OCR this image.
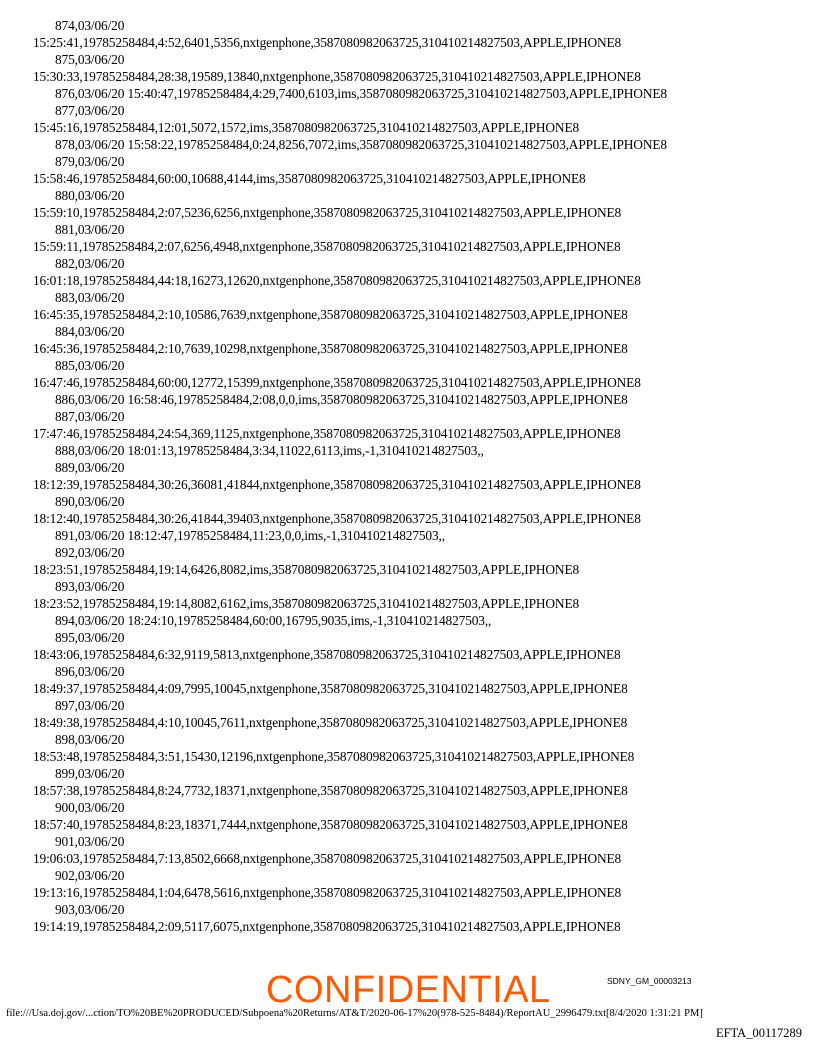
874,03/06/20
15:25:41,19785258484,4:52,6401,5356,nxtgenphone,3587080982063725,310410214827503,APPLE,IPHONE8
875,03/06/20
15:30:33,19785258484,28:38,19589,13840,nxtgenphone,3587080982063725,310410214827503,APPLE,IPHONE8
876,03/06/20 15:40:47,19785258484,4:29,7400,6103,ims,3587080982063725,310410214827503,APPLE,IPHONE8
877,03/06/20
15:45:16,19785258484,12:01,5072,1572,ims,3587080982063725,310410214827503,APPLE,IPHONE8
878,03/06/20 15:58:22,19785258484,0:24,8256,7072,ims,3587080982063725,310410214827503,APPLE,IPHONE8
879,03/06/20
15:58:46,19785258484,60:00,10688,4144,ims,3587080982063725,310410214827503,APPLE,IPHONE8
880,03/06/20
15:59:10,19785258484,2:07,5236,6256,nxtgenphone,3587080982063725,310410214827503,APPLE,IPHONE8
881,03/06/20
15:59:11,19785258484,2:07,6256,4948,nxtgenphone,3587080982063725,310410214827503,APPLE,IPHONE8
882,03/06/20
16:01:18,19785258484,44:18,16273,12620,nxtgenphone,3587080982063725,310410214827503,APPLE,IPHONE8
883,03/06/20
16:45:35,19785258484,2:10,10586,7639,nxtgenphone,3587080982063725,310410214827503,APPLE,IPHONE8
884,03/06/20
16:45:36,19785258484,2:10,7639,10298,nxtgenphone,3587080982063725,310410214827503,APPLE,IPHONE8
885,03/06/20
16:47:46,19785258484,60:00,12772,15399,nxtgenphone,3587080982063725,310410214827503,APPLE,IPHONE8
886,03/06/20 16:58:46,19785258484,2:08,0,0,ims,3587080982063725,310410214827503,APPLE,IPHONE8
887,03/06/20
17:47:46,19785258484,24:54,369,1125,nxtgenphone,3587080982063725,310410214827503,APPLE,IPHONE8
888,03/06/20 18:01:13,19785258484,3:34,11022,6113,ims,-1,310410214827503,,
889,03/06/20
18:12:39,19785258484,30:26,36081,41844,nxtgenphone,3587080982063725,310410214827503,APPLE,IPHONE8
890,03/06/20
18:12:40,19785258484,30:26,41844,39403,nxtgenphone,3587080982063725,310410214827503,APPLE,IPHONE8
891,03/06/20 18:12:47,19785258484,11:23,0,0,ims,-1,310410214827503,,
892,03/06/20
18:23:51,19785258484,19:14,6426,8082,ims,3587080982063725,310410214827503,APPLE,IPHONE8
893,03/06/20
18:23:52,19785258484,19:14,8082,6162,ims,3587080982063725,310410214827503,APPLE,IPHONE8
894,03/06/20 18:24:10,19785258484,60:00,16795,9035,ims,-1,310410214827503,,
895,03/06/20
18:43:06,19785258484,6:32,9119,5813,nxtgenphone,3587080982063725,310410214827503,APPLE,IPHONE8
896,03/06/20
18:49:37,19785258484,4:09,7995,10045,nxtgenphone,3587080982063725,310410214827503,APPLE,IPHONE8
897,03/06/20
18:49:38,19785258484,4:10,10045,7611,nxtgenphone,3587080982063725,310410214827503,APPLE,IPHONE8
898,03/06/20
18:53:48,19785258484,3:51,15430,12196,nxtgenphone,3587080982063725,310410214827503,APPLE,IPHONE8
899,03/06/20
18:57:38,19785258484,8:24,7732,18371,nxtgenphone,3587080982063725,310410214827503,APPLE,IPHONE8
900,03/06/20
18:57:40,19785258484,8:23,18371,7444,nxtgenphone,3587080982063725,310410214827503,APPLE,IPHONE8
901,03/06/20
19:06:03,19785258484,7:13,8502,6668,nxtgenphone,3587080982063725,310410214827503,APPLE,IPHONE8
902,03/06/20
19:13:16,19785258484,1:04,6478,5616,nxtgenphone,3587080982063725,310410214827503,APPLE,IPHONE8
903,03/06/20
19:14:19,19785258484,2:09,5117,6075,nxtgenphone,3587080982063725,310410214827503,APPLE,IPHONE8
SDNY_GM_00003213
CONFIDENTIAL
file:///Usa.doj.gov/...ction/TO%20BE%20PRODUCED/Subpoena%20Returns/AT&T/2020-06-17%20(978-525-8484)/ReportAU_2996479.txt[8/4/2020 1:31:21 PM]
EFTA_00117289
